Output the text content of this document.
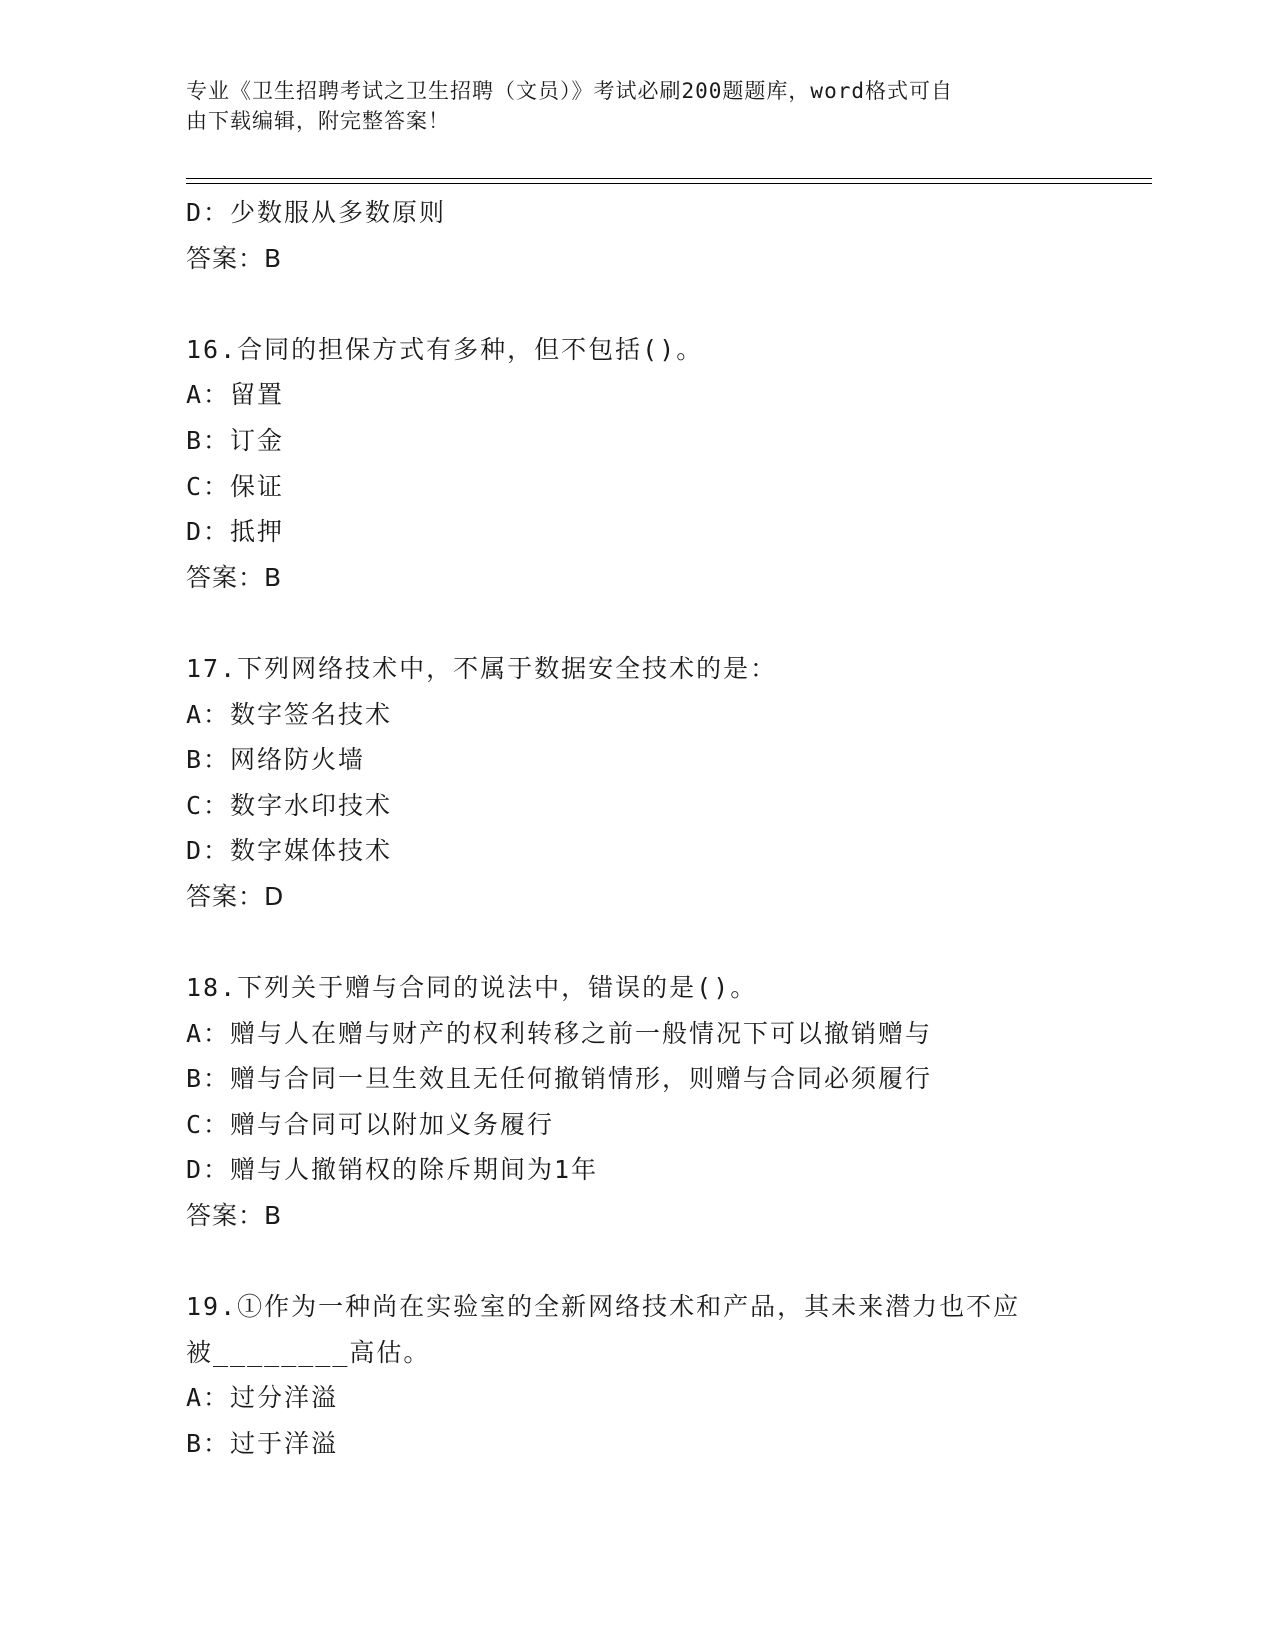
专业《卫生招聘考试之卫生招聘（文员）》考试必刷200题题库，word格式可自
由下载编辑，附完整答案！
D：少数服从多数原则
答案：B
16.合同的担保方式有多种，但不包括()。
A：留置
B：订金
C：保证
D：抵押
答案：B
17.下列网络技术中，不属于数据安全技术的是：
A：数字签名技术
B：网络防火墙
C：数字水印技术
D：数字媒体技术
答案：D
18.下列关于赠与合同的说法中，错误的是()。
A：赠与人在赠与财产的权利转移之前一般情况下可以撤销赠与
B：赠与合同一旦生效且无任何撤销情形，则赠与合同必须履行
C：赠与合同可以附加义务履行
D：赠与人撤销权的除斥期间为1年
答案：B
19.①作为一种尚在实验室的全新网络技术和产品，其未来潜力也不应
被________高估。
A：过分洋溢
B：过于洋溢
